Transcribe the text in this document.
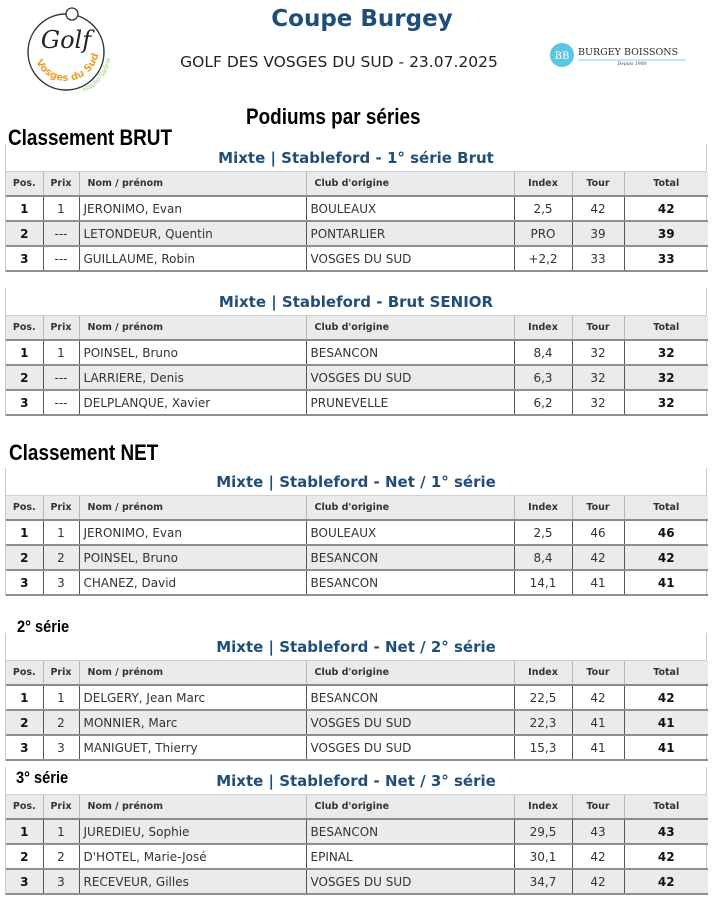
Golf
Vosges du Sud
Haute-Saône
Coupe Burgey
GOLF DES VOSGES DU SUD - 23.07.2025	BB BURGEY BOISSONS
Depuis 1900
Podiums par séries
Classement BRUT
Classement NET
2° série
3° série
Mixte | Stableford - 1° série Brut
Pos.	Prix	Nom / prénom	Club d'origine	Index	Tour	Total
1	1	JERONIMO, Evan	BOULEAUX	2,5	42	42
2	---	LETONDEUR, Quentin	PONTARLIER	PRO	39	39
3	---	GUILLAUME, Robin	VOSGES DU SUD	+2,2	33	33
Mixte | Stableford - Brut SENIOR
Pos.	Prix	Nom / prénom	Club d'origine	Index	Tour	Total
1	1	POINSEL, Bruno	BESANCON	8,4	32	32
2	---	LARRIERE, Denis	VOSGES DU SUD	6,3	32	32
3	---	DELPLANQUE, Xavier	PRUNEVELLE	6,2	32	32
Mixte | Stableford - Net / 1° série
Pos.	Prix	Nom / prénom	Club d'origine	Index	Tour	Total
1	1	JERONIMO, Evan	BOULEAUX	2,5	46	46
2	2	POINSEL, Bruno	BESANCON	8,4	42	42
3	3	CHANEZ, David	BESANCON	14,1	41	41
Mixte | Stableford - Net / 2° série
Pos.	Prix	Nom / prénom	Club d'origine	Index	Tour	Total
1	1	DELGERY, Jean Marc	BESANCON	22,5	42	42
2	2	MONNIER, Marc	VOSGES DU SUD	22,3	41	41
3	3	MANIGUET, Thierry	VOSGES DU SUD	15,3	41	41
Mixte | Stableford - Net / 3° série
Pos.	Prix	Nom / prénom	Club d'origine	Index	Tour	Total
1	1	JUREDIEU, Sophie	BESANCON	29,5	43	43
2	2	D'HOTEL, Marie-José	EPINAL	30,1	42	42
3	3	RECEVEUR, Gilles	VOSGES DU SUD	34,7	42	42
